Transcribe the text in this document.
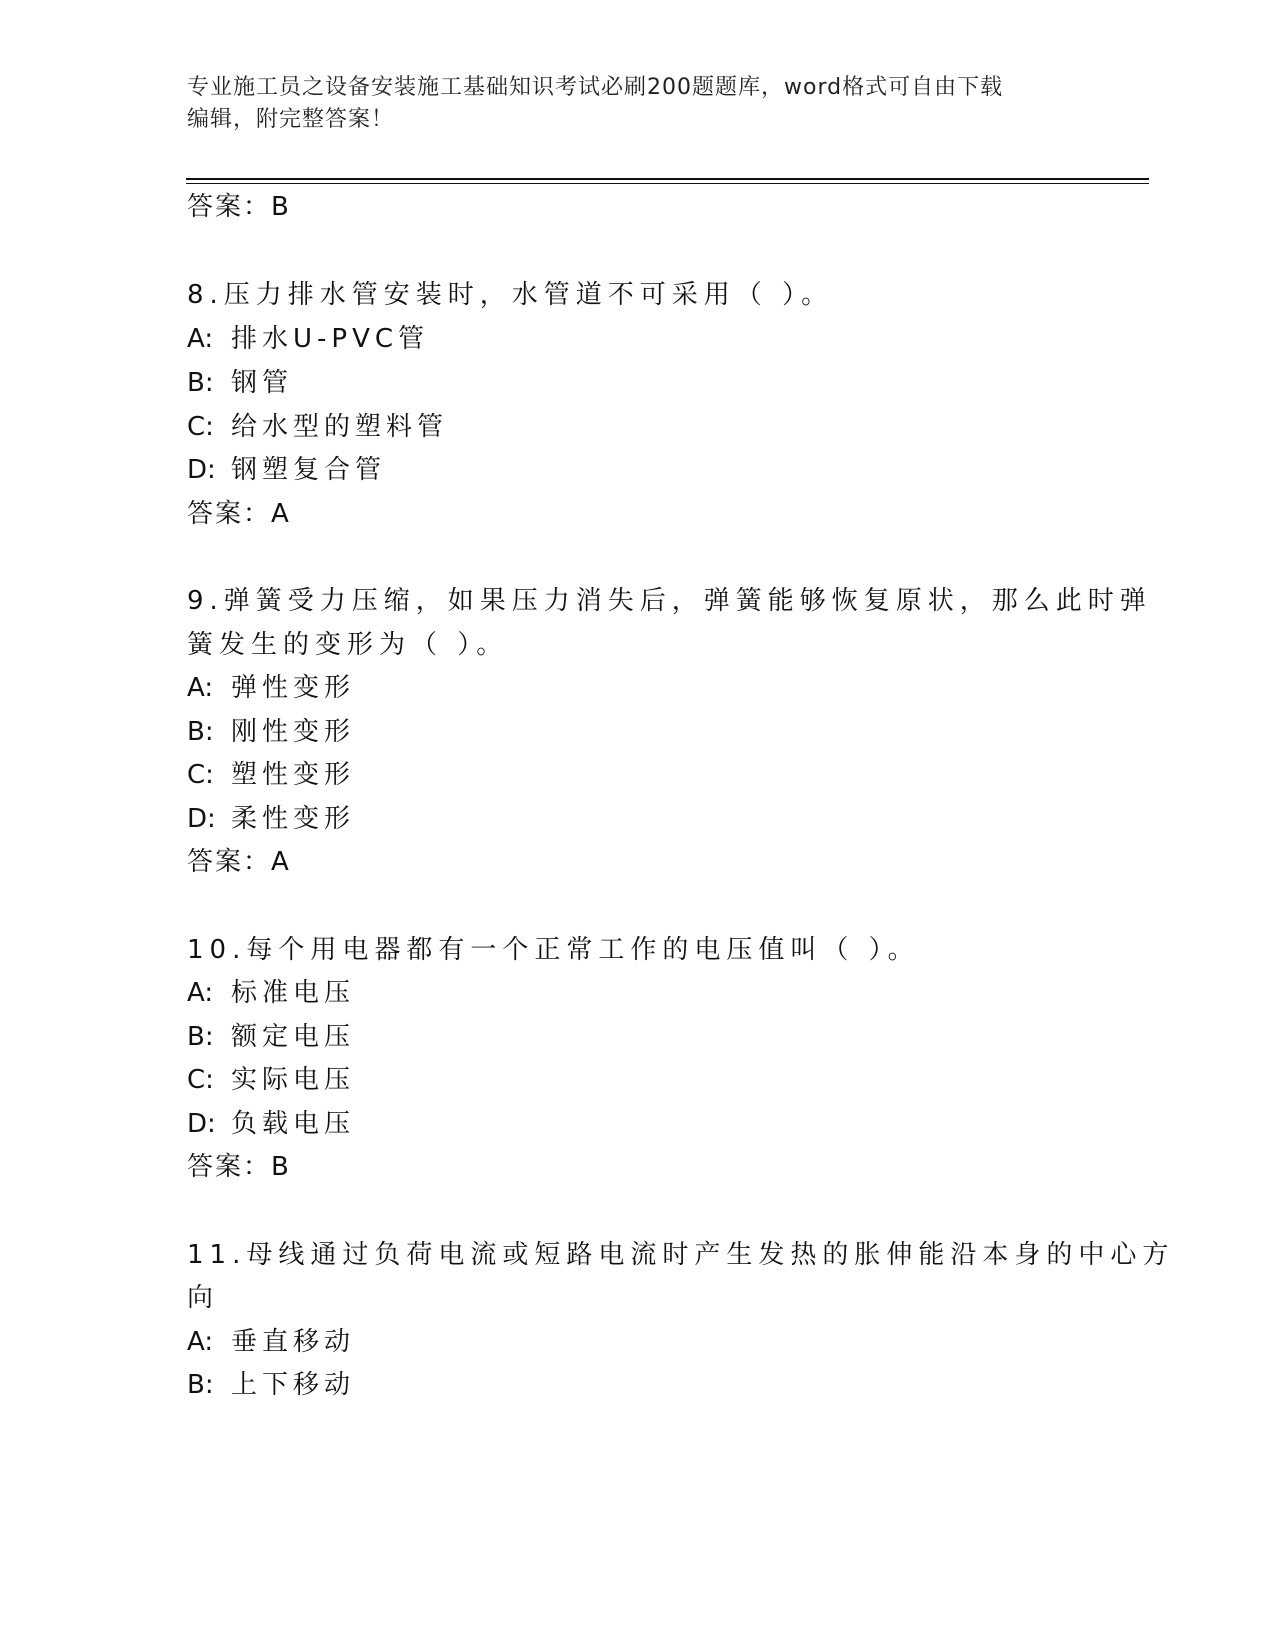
专业施工员之设备安装施工基础知识考试必刷200题题库，word格式可自由下载
编辑，附完整答案！
答案：B
8.压力排水管安装时，水管道不可采用（ ）。
A: 排水U-PVC管
B: 钢管
C: 给水型的塑料管
D: 钢塑复合管
答案：A
9.弹簧受力压缩，如果压力消失后，弹簧能够恢复原状，那么此时弹
簧发生的变形为（ ）。
A: 弹性变形
B: 刚性变形
C: 塑性变形
D: 柔性变形
答案：A
10.每个用电器都有一个正常工作的电压值叫（ ）。
A: 标准电压
B: 额定电压
C: 实际电压
D: 负载电压
答案：B
11.母线通过负荷电流或短路电流时产生发热的胀伸能沿本身的中心方
向
A: 垂直移动
B: 上下移动
